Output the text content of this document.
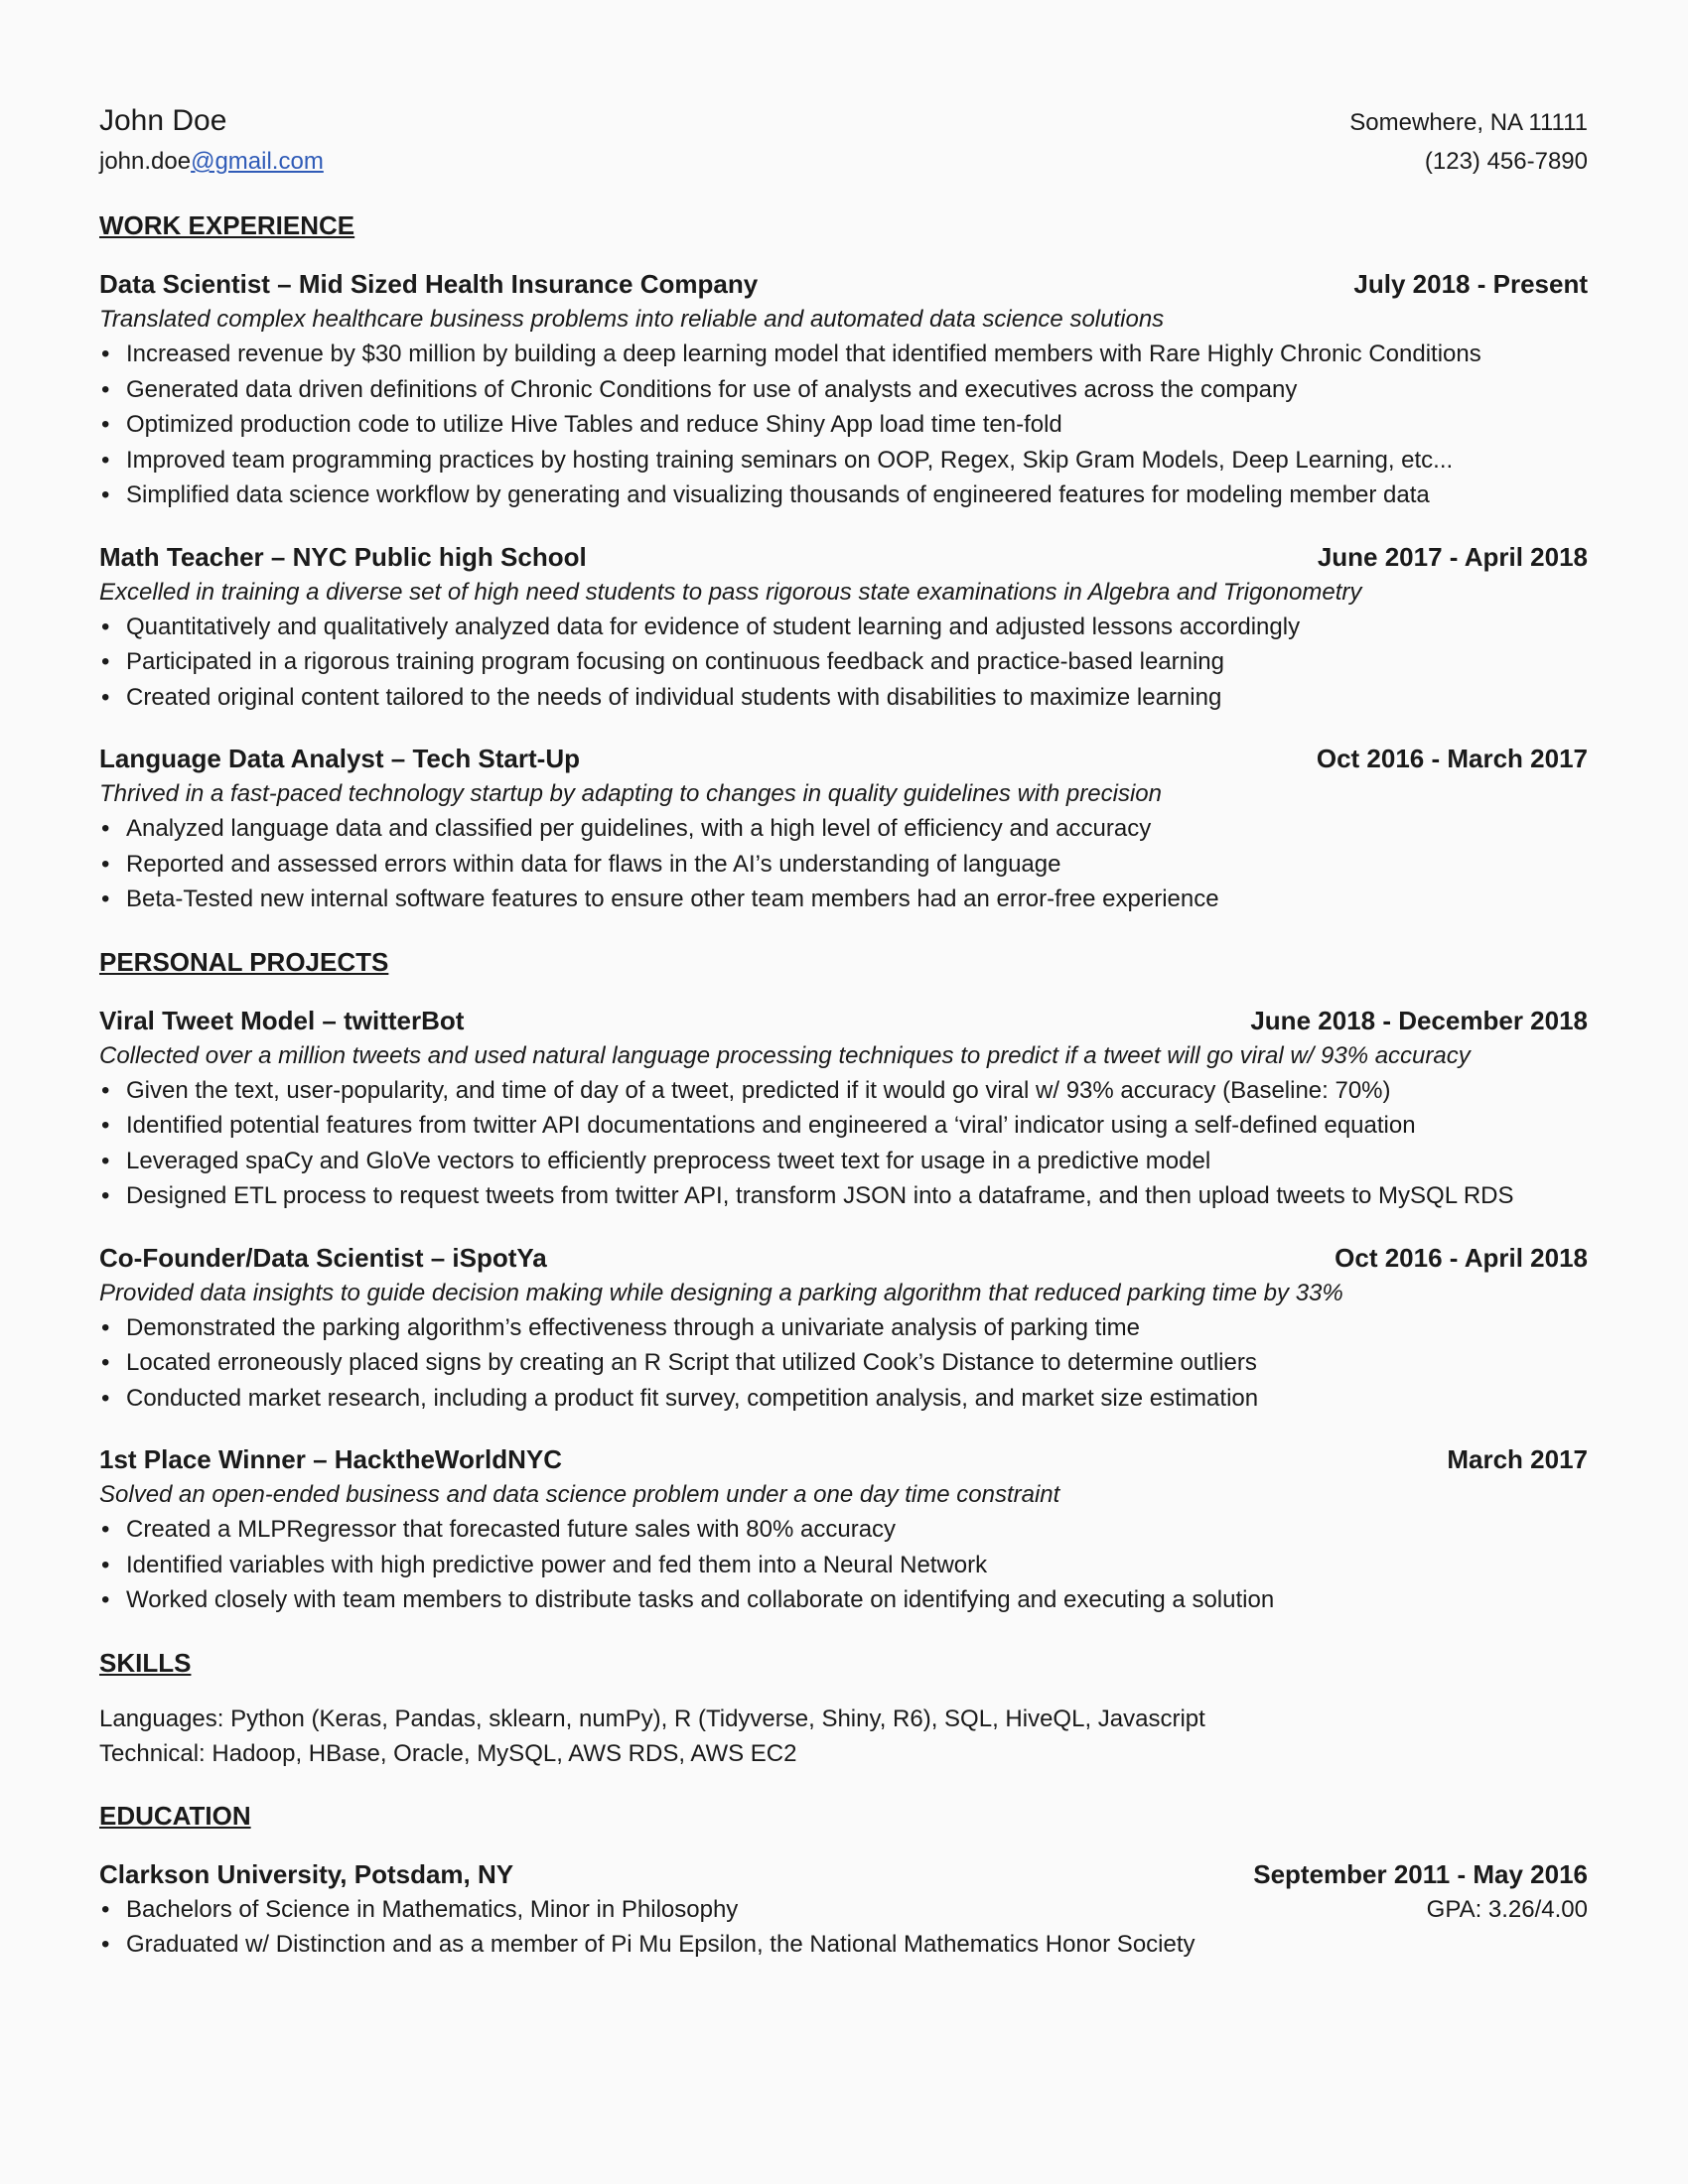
John Doe	Somewhere, NA 11111
john.doe@gmail.com	(123) 456-7890
WORK EXPERIENCE
Data Scientist – Mid Sized Health Insurance Company	July 2018 - Present
Translated complex healthcare business problems into reliable and automated data science solutions
• Increased revenue by $30 million by building a deep learning model that identified members with Rare Highly Chronic Conditions
• Generated data driven definitions of Chronic Conditions for use of analysts and executives across the company
• Optimized production code to utilize Hive Tables and reduce Shiny App load time ten-fold
• Improved team programming practices by hosting training seminars on OOP, Regex, Skip Gram Models, Deep Learning, etc...
• Simplified data science workflow by generating and visualizing thousands of engineered features for modeling member data
Math Teacher – NYC Public high School	June 2017 - April 2018
Excelled in training a diverse set of high need students to pass rigorous state examinations in Algebra and Trigonometry
• Quantitatively and qualitatively analyzed data for evidence of student learning and adjusted lessons accordingly
• Participated in a rigorous training program focusing on continuous feedback and practice-based learning
• Created original content tailored to the needs of individual students with disabilities to maximize learning
Language Data Analyst – Tech Start-Up	Oct 2016 - March 2017
Thrived in a fast-paced technology startup by adapting to changes in quality guidelines with precision
• Analyzed language data and classified per guidelines, with a high level of efficiency and accuracy
• Reported and assessed errors within data for flaws in the AI’s understanding of language
• Beta-Tested new internal software features to ensure other team members had an error-free experience
PERSONAL PROJECTS
Viral Tweet Model – twitterBot	June 2018 - December 2018
Collected over a million tweets and used natural language processing techniques to predict if a tweet will go viral w/ 93% accuracy
• Given the text, user-popularity, and time of day of a tweet, predicted if it would go viral w/ 93% accuracy (Baseline: 70%)
• Identified potential features from twitter API documentations and engineered a ‘viral’ indicator using a self-defined equation
• Leveraged spaCy and GloVe vectors to efficiently preprocess tweet text for usage in a predictive model
• Designed ETL process to request tweets from twitter API, transform JSON into a dataframe, and then upload tweets to MySQL RDS
Co-Founder/Data Scientist – iSpotYa	Oct 2016 - April 2018
Provided data insights to guide decision making while designing a parking algorithm that reduced parking time by 33%
• Demonstrated the parking algorithm’s effectiveness through a univariate analysis of parking time
• Located erroneously placed signs by creating an R Script that utilized Cook’s Distance to determine outliers
• Conducted market research, including a product fit survey, competition analysis, and market size estimation
1st Place Winner – HacktheWorldNYC	March 2017
Solved an open-ended business and data science problem under a one day time constraint
• Created a MLPRegressor that forecasted future sales with 80% accuracy
• Identified variables with high predictive power and fed them into a Neural Network
• Worked closely with team members to distribute tasks and collaborate on identifying and executing a solution
SKILLS
Languages: Python (Keras, Pandas, sklearn, numPy), R (Tidyverse, Shiny, R6), SQL, HiveQL, Javascript
Technical: Hadoop, HBase, Oracle, MySQL, AWS RDS, AWS EC2
EDUCATION
Clarkson University, Potsdam, NY	September 2011 - May 2016
• Bachelors of Science in Mathematics, Minor in Philosophy	GPA: 3.26/4.00
• Graduated w/ Distinction and as a member of Pi Mu Epsilon, the National Mathematics Honor Society
